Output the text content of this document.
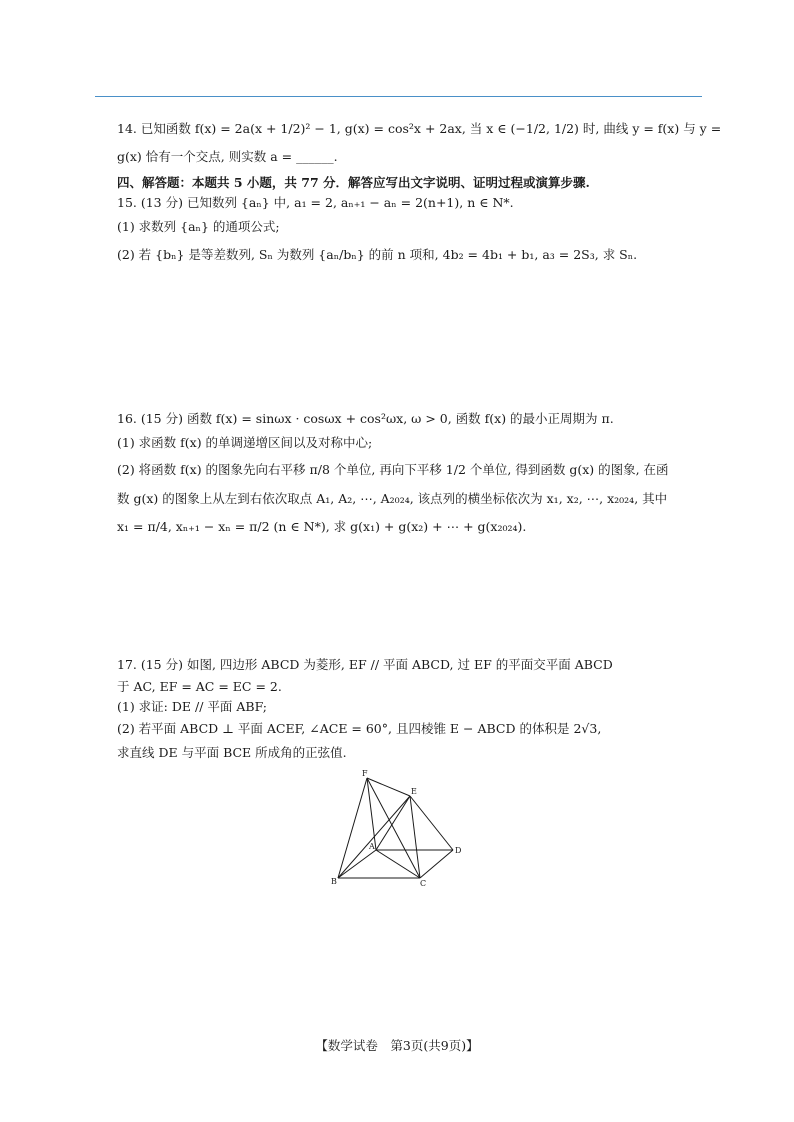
14. 已知函数 f(x) = 2a(x + 1/2)² − 1, g(x) = cos²x + 2ax, 当 x ∈ (−1/2, 1/2) 时, 曲线 y = f(x) 与 y =
g(x) 恰有一个交点, 则实数 a = ______.
四、解答题：本题共 5 小题，共 77 分．解答应写出文字说明、证明过程或演算步骤.
15. (13 分) 已知数列 {aₙ} 中, a₁ = 2, aₙ₊₁ − aₙ = 2(n+1), n ∈ N*.
(1) 求数列 {aₙ} 的通项公式;
(2) 若 {bₙ} 是等差数列, Sₙ 为数列 {aₙ/bₙ} 的前 n 项和, 4b₂ = 4b₁ + b₁, a₃ = 2S₃, 求 Sₙ.
16. (15 分) 函数 f(x) = sinωx · cosωx + cos²ωx, ω > 0, 函数 f(x) 的最小正周期为 π.
(1) 求函数 f(x) 的单调递增区间以及对称中心;
(2) 将函数 f(x) 的图象先向右平移 π/8 个单位, 再向下平移 1/2 个单位, 得到函数 g(x) 的图象, 在函
数 g(x) 的图象上从左到右依次取点 A₁, A₂, ⋯, A₂₀₂₄, 该点列的横坐标依次为 x₁, x₂, ⋯, x₂₀₂₄, 其中
x₁ = π/4, xₙ₊₁ − xₙ = π/2 (n ∈ N*), 求 g(x₁) + g(x₂) + ⋯ + g(x₂₀₂₄).
17. (15 分) 如图, 四边形 ABCD 为菱形, EF // 平面 ABCD, 过 EF 的平面交平面 ABCD
于 AC, EF = AC = EC = 2.
(1) 求证: DE // 平面 ABF;
(2) 若平面 ABCD ⊥ 平面 ACEF, ∠ACE = 60°, 且四棱锥 E − ABCD 的体积是 2√3,
求直线 DE 与平面 BCE 所成角的正弦值.
F
E
A
B	C
D
【数学试卷　第3页(共9页)】
